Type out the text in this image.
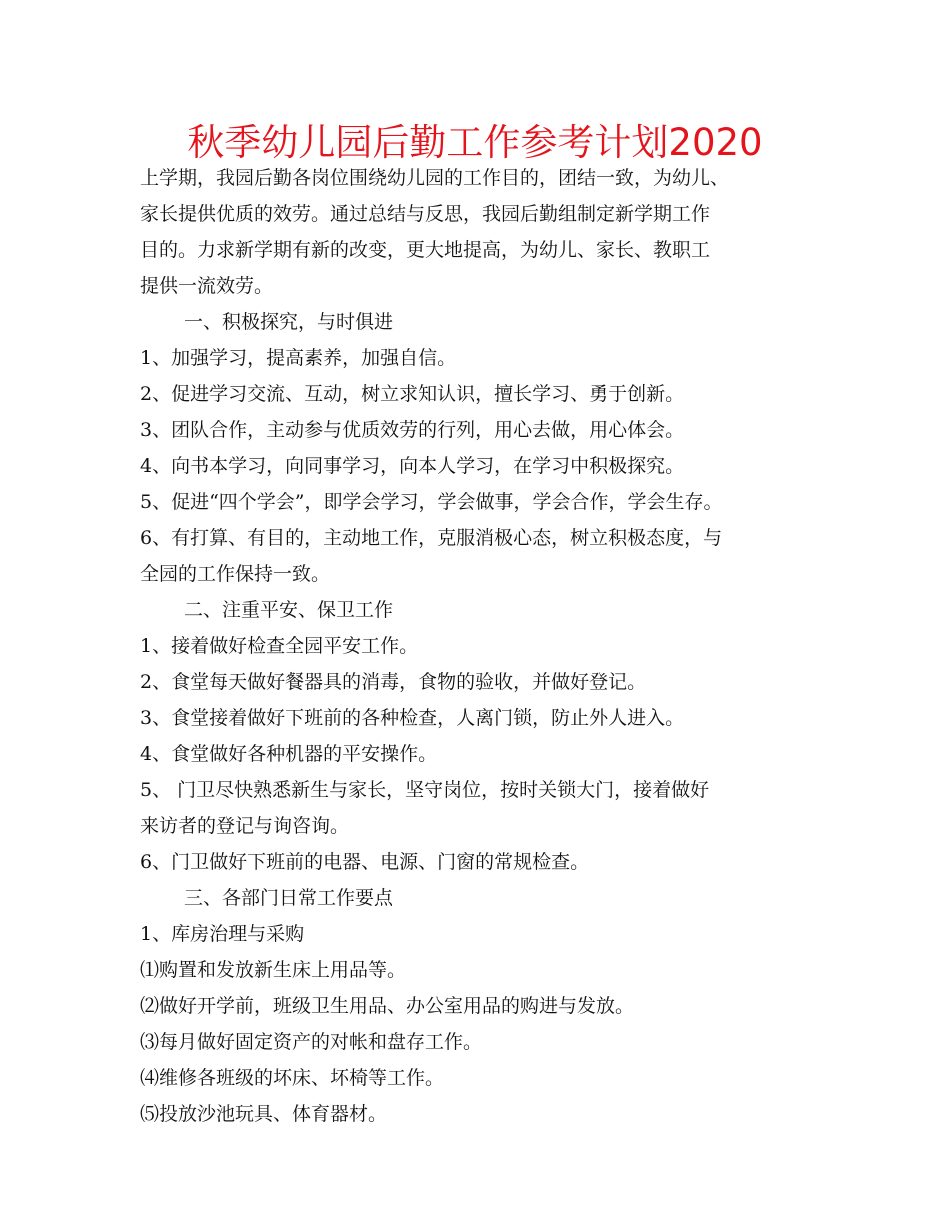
秋季幼儿园后勤工作参考计划2020

上学期，我园后勤各岗位围绕幼儿园的工作目的，团结一致，为幼儿、

家长提供优质的效劳。通过总结与反思，我园后勤组制定新学期工作

目的。力求新学期有新的改变，更大地提高，为幼儿、家长、教职工

提供一流效劳。

一、积极探究，与时俱进

1、加强学习，提高素养，加强自信。

2、促进学习交流、互动，树立求知认识，擅长学习、勇于创新。

3、团队合作，主动参与优质效劳的行列，用心去做，用心体会。

4、向书本学习，向同事学习，向本人学习，在学习中积极探究。

5、促进“四个学会”，即学会学习，学会做事，学会合作，学会生存。

6、有打算、有目的，主动地工作，克服消极心态，树立积极态度，与

全园的工作保持一致。

二、注重平安、保卫工作

1、接着做好检查全园平安工作。

2、食堂每天做好餐器具的消毒，食物的验收，并做好登记。

3、食堂接着做好下班前的各种检查，人离门锁，防止外人进入。

4、食堂做好各种机器的平安操作。

5、 门卫尽快熟悉新生与家长，坚守岗位，按时关锁大门，接着做好

来访者的登记与询咨询。

6、门卫做好下班前的电器、电源、门窗的常规检查。

三、各部门日常工作要点

1、库房治理与采购

⑴购置和发放新生床上用品等。

⑵做好开学前，班级卫生用品、办公室用品的购进与发放。

⑶每月做好固定资产的对帐和盘存工作。

⑷维修各班级的坏床、坏椅等工作。

⑸投放沙池玩具、体育器材。
